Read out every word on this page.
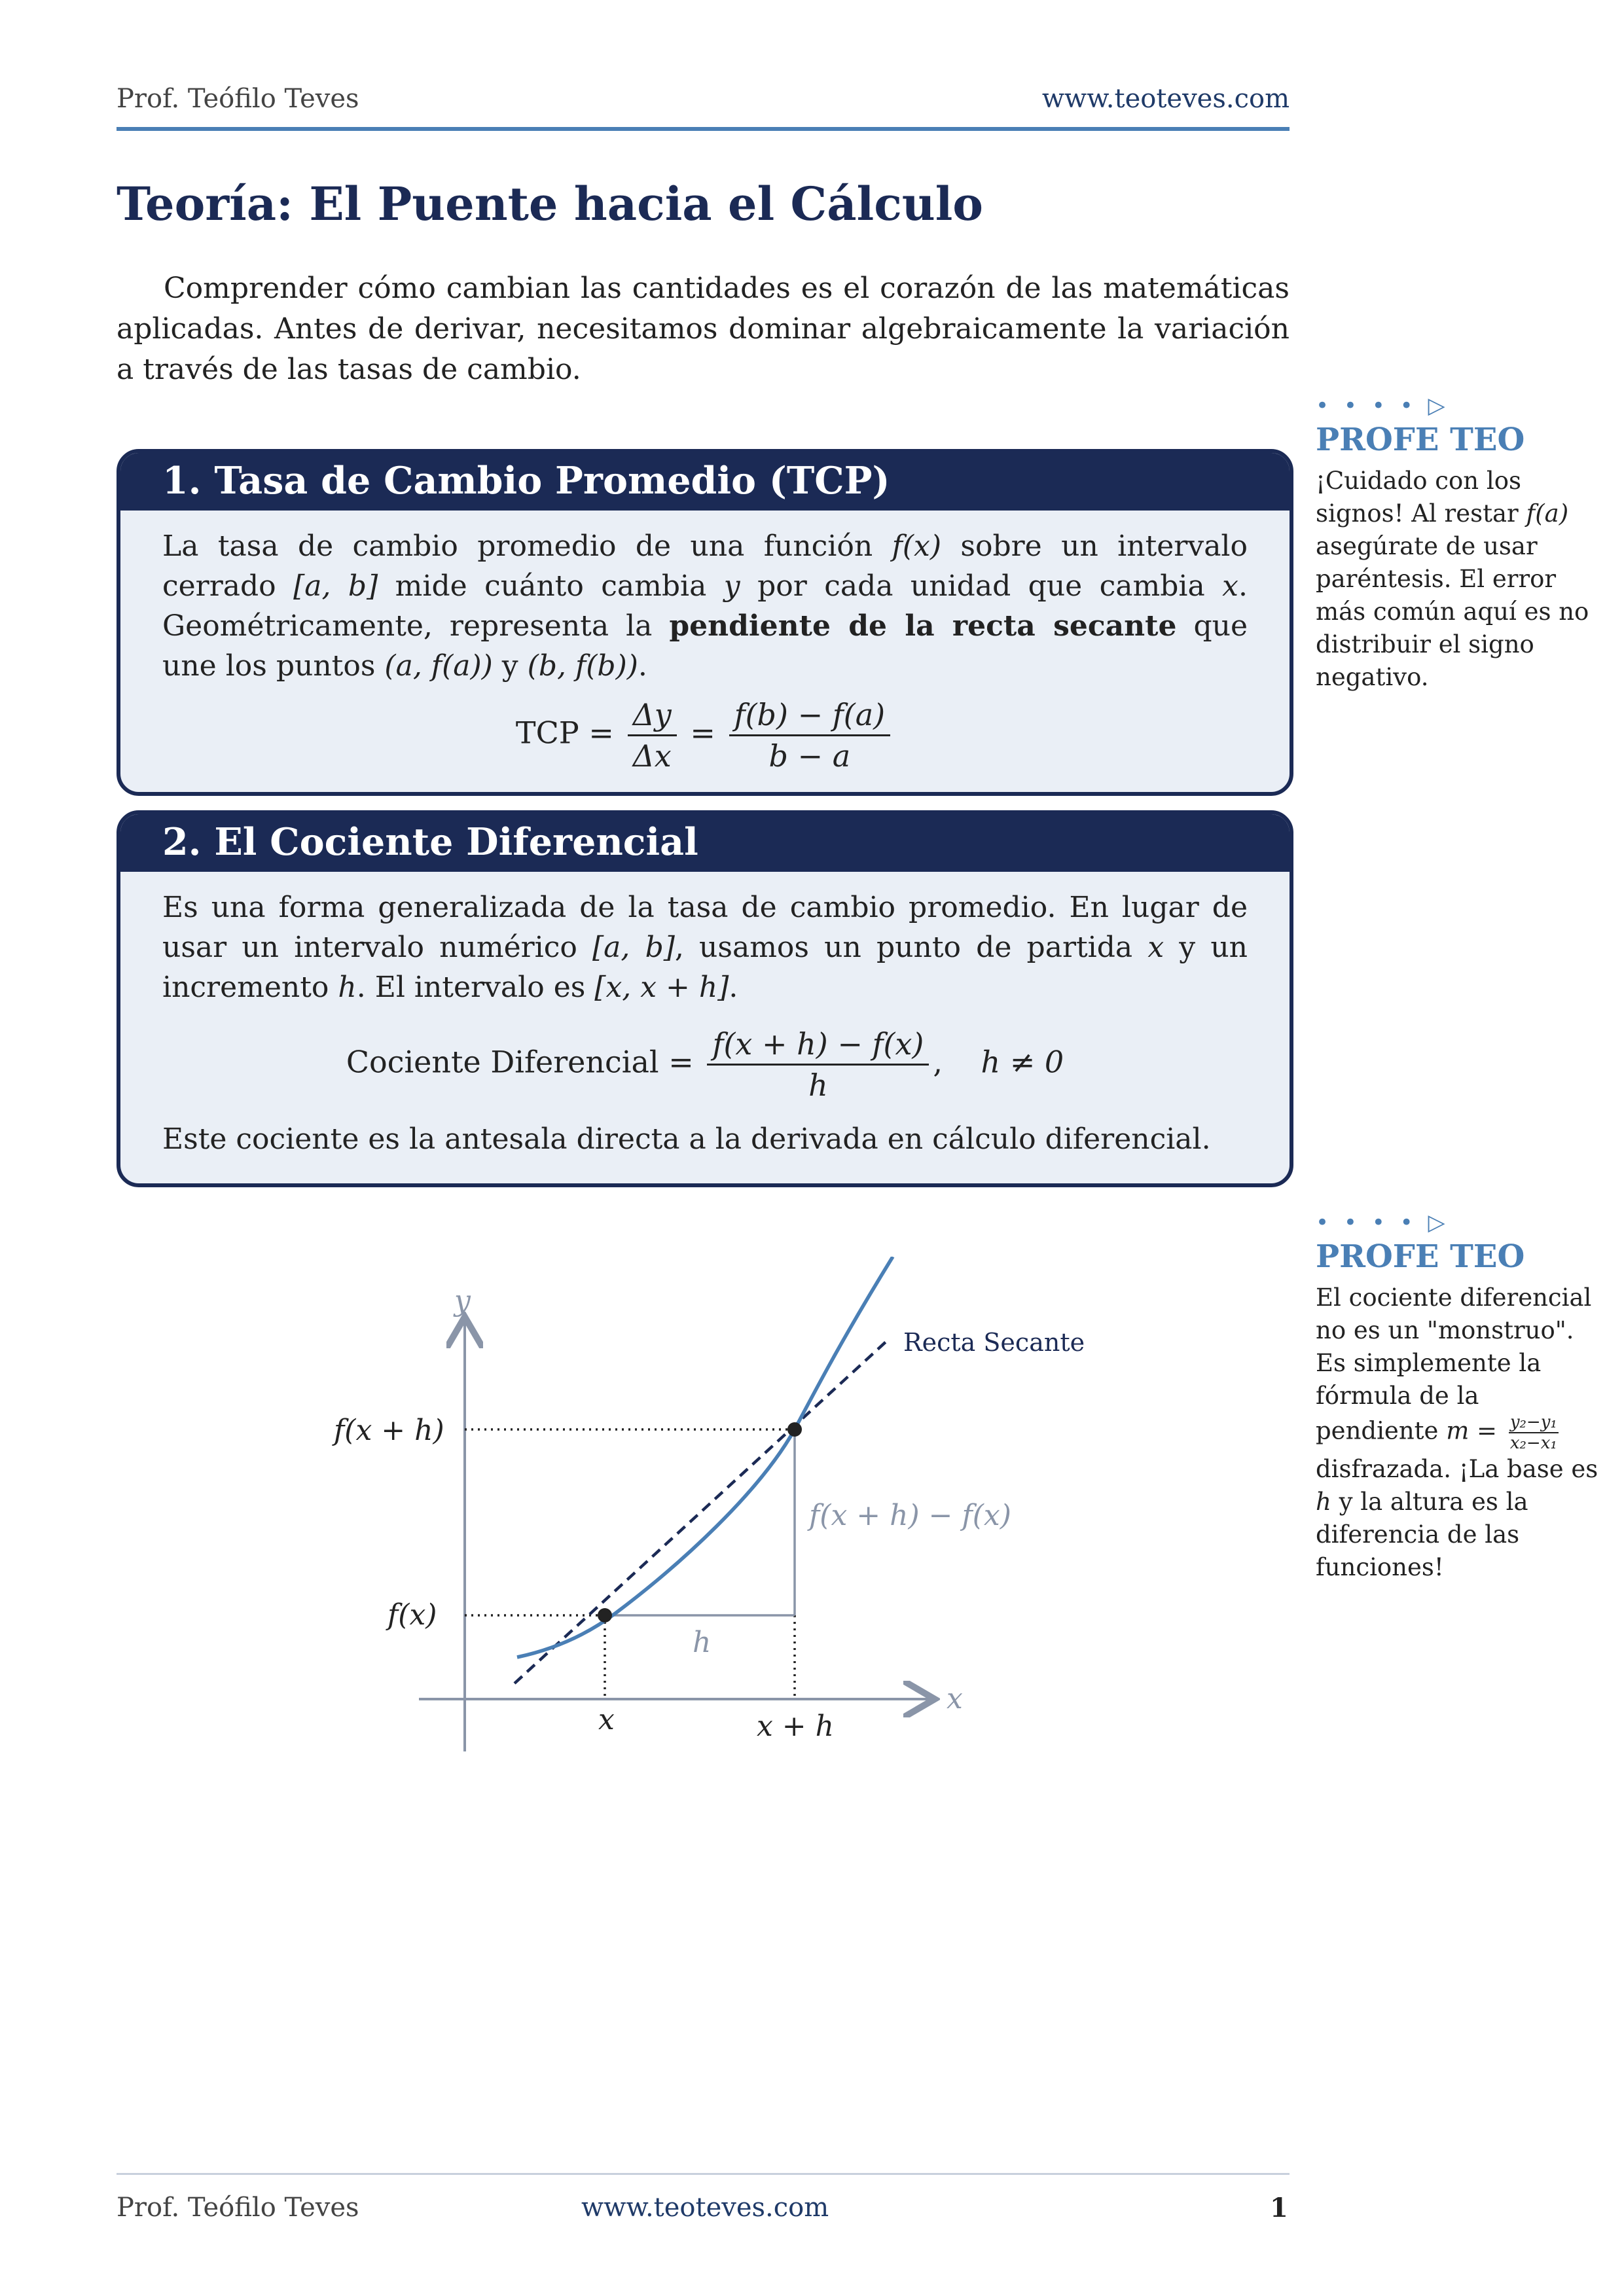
Prof. Teófilo Teves	www.teoteves.com
Teoría: El Puente hacia el Cálculo

Comprender cómo cambian las cantidades es el corazón de las matemáticas aplicadas. Antes de derivar, necesitamos dominar algebraicamente la variación a través de las tasas de cambio.

1. Tasa de Cambio Promedio (TCP)

La tasa de cambio promedio de una función f(x) sobre un intervalo cerrado [a, b] mide cuánto cambia y por cada unidad que cambia x. Geométricamente, representa la pendiente de la recta secante que une los puntos (a, f(a)) y (b, f(b)).

TCP = $\frac{\Delta y}{\Delta x} = \frac{f(b) - f(a)}{b - a}$
2. El Cociente Diferencial

Es una forma generalizada de la tasa de cambio promedio. En lugar de usar un intervalo numérico [a, b], usamos un punto de partida x y un incremento h. El intervalo es [x, x + h].

Cociente Diferencial = $\frac{f(x + h) - f(x)}{h}$ ,    h ≠ 0

Este cociente es la antesala directa a la derivada en cálculo diferencial.

• • • • ▷
PROFE TEO
¡Cuidado con los signos! Al restar f(a) asegúrate de usar paréntesis. El error más común aquí es no distribuir el signo negativo.
• • • • ▷
PROFE TEO
El cociente diferencial no es un "monstruo". Es simplemente la fórmula de la pendiente $m = \frac{\text{y₂−y₁}}{\text{x₂−x₁}}$
disfrazada. ¡La base es h y la altura es la diferencia de las funciones!
x
y
Recta Secante
f(x + h)
f(x)
x	x + h
h
f(x + h) − f(x)
Prof. Teófilo Teves	www.teoteves.com	1
